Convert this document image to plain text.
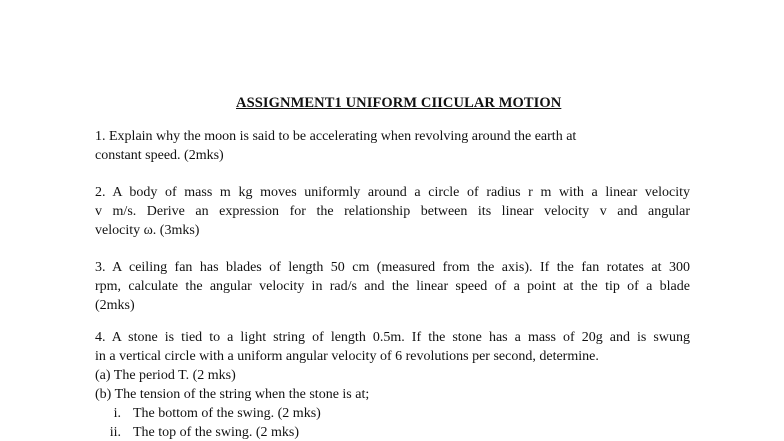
ASSIGNMENT1 UNIFORM CIICULAR MOTION
1. Explain why the moon is said to be accelerating when revolving around the earth at
constant speed. (2mks)
2. A body of mass m kg moves uniformly around a circle of radius r m with a linear velocity
v m/s. Derive an expression for the relationship between its linear velocity v and angular
velocity ω. (3mks)
3. A ceiling fan has blades of length 50 cm (measured from the axis). If the fan rotates at 300
rpm, calculate the angular velocity in rad/s and the linear speed of a point at the tip of a blade
(2mks)
4. A stone is tied to a light string of length 0.5m. If the stone has a mass of 20g and is swung
in a vertical circle with a uniform angular velocity of 6 revolutions per second, determine.
(a) The period T. (2 mks)
(b) The tension of the string when the stone is at;
i. The bottom of the swing. (2 mks)
ii. The top of the swing. (2 mks)
